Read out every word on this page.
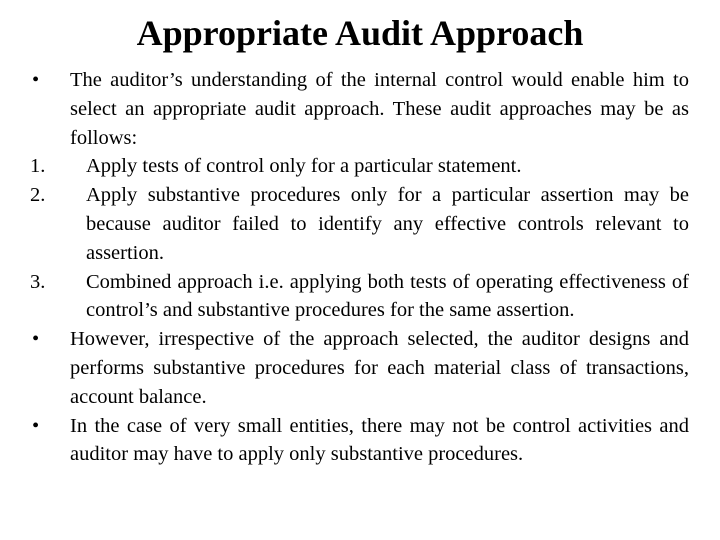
Appropriate Audit Approach
• The auditor’s understanding of the internal control would enable him to select an appropriate audit approach. These audit approaches may be as follows:
1. Apply tests of control only for a particular statement.
2. Apply substantive procedures only for a particular assertion may be because auditor failed to identify any effective controls relevant to assertion.
3. Combined approach i.e. applying both tests of operating effectiveness of control’s and substantive procedures for the same assertion.
• However, irrespective of the approach selected, the auditor designs and performs substantive procedures for each material class of transactions, account balance.
• In the case of very small entities, there may not be control activities and auditor may have to apply only substantive procedures.
